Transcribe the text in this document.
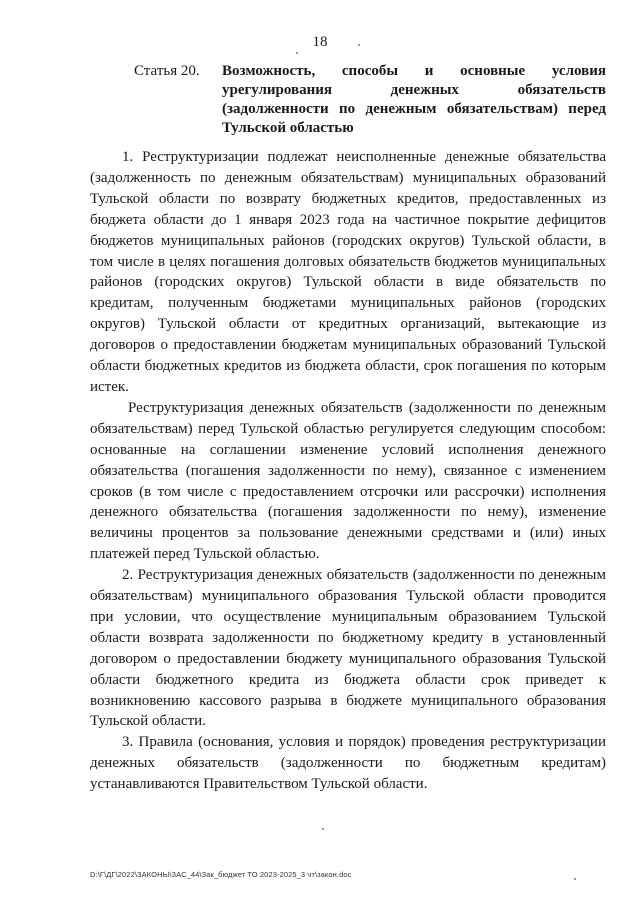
18
Статья 20. Возможность, способы и основные условия урегулирования денежных обязательств (задолженности по денежным обязательствам) перед Тульской областью

1. Реструктуризации подлежат неисполненные денежные обязательства (задолженность по денежным обязательствам) муниципальных образований Тульской области по возврату бюджетных кредитов, предоставленных из бюджета области до 1 января 2023 года на частичное покрытие дефицитов бюджетов муниципальных районов (городских округов) Тульской области, в том числе в целях погашения долговых обязательств бюджетов муниципальных районов (городских округов) Тульской области в виде обязательств по кредитам, полученным бюджетами муниципальных районов (городских округов) Тульской области от кредитных организаций, вытекающие из договоров о предоставлении бюджетам муниципальных образований Тульской области бюджетных кредитов из бюджета области, срок погашения по которым истек.

Реструктуризация денежных обязательств (задолженности по денежным обязательствам) перед Тульской областью регулируется следующим способом: основанные на соглашении изменение условий исполнения денежного обязательства (погашения задолженности по нему), связанное с изменением сроков (в том числе с предоставлением отсрочки или рассрочки) исполнения денежного обязательства (погашения задолженности по нему), изменение величины процентов за пользование денежными средствами и (или) иных платежей перед Тульской областью.

2. Реструктуризация денежных обязательств (задолженности по денежным обязательствам) муниципального образования Тульской области проводится при условии, что осуществление муниципальным образованием Тульской области возврата задолженности по бюджетному кредиту в установленный договором о предоставлении бюджету муниципального образования Тульской области бюджетного кредита из бюджета области срок приведет к возникновению кассового разрыва в бюджете муниципального образования Тульской области.

3. Правила (основания, условия и порядок) проведения реструктуризации денежных обязательств (задолженности по бюджетным кредитам) устанавливаются Правительством Тульской области.

D:\Г\ДГ\2022\ЗАКОНЫ\ЗАС_44\Зак_бюджет ТО 2023-2025_3 чт\закон.doc
